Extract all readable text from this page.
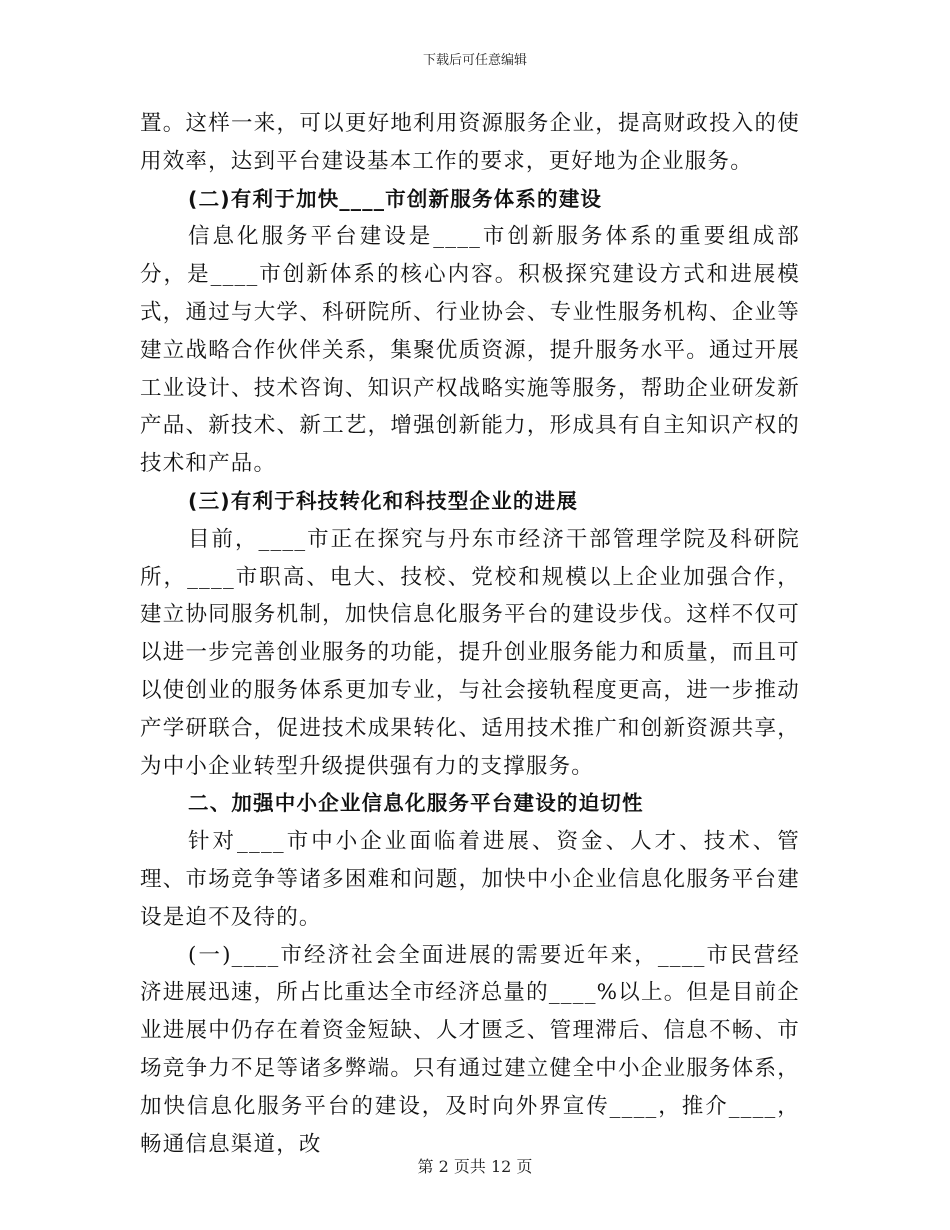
下载后可任意编辑

置。这样一来，可以更好地利用资源服务企业，提高财政投入的使用效率，达到平台建设基本工作的要求，更好地为企业服务。

(二)有利于加快____市创新服务体系的建设

信息化服务平台建设是____市创新服务体系的重要组成部分，是____市创新体系的核心内容。积极探究建设方式和进展模式，通过与大学、科研院所、行业协会、专业性服务机构、企业等建立战略合作伙伴关系，集聚优质资源，提升服务水平。通过开展工业设计、技术咨询、知识产权战略实施等服务，帮助企业研发新产品、新技术、新工艺，增强创新能力，形成具有自主知识产权的技术和产品。

(三)有利于科技转化和科技型企业的进展

目前，____市正在探究与丹东市经济干部管理学院及科研院所，____市职高、电大、技校、党校和规模以上企业加强合作，建立协同服务机制，加快信息化服务平台的建设步伐。这样不仅可以进一步完善创业服务的功能，提升创业服务能力和质量，而且可以使创业的服务体系更加专业，与社会接轨程度更高，进一步推动产学研联合，促进技术成果转化、适用技术推广和创新资源共享，为中小企业转型升级提供强有力的支撑服务。

二、加强中小企业信息化服务平台建设的迫切性

针对____市中小企业面临着进展、资金、人才、技术、管理、市场竞争等诸多困难和问题，加快中小企业信息化服务平台建设是迫不及待的。

(一)____市经济社会全面进展的需要近年来，____市民营经济进展迅速，所占比重达全市经济总量的____%以上。但是目前企业进展中仍存在着资金短缺、人才匮乏、管理滞后、信息不畅、市场竞争力不足等诸多弊端。只有通过建立健全中小企业服务体系，加快信息化服务平台的建设，及时向外界宣传____，推介____，畅通信息渠道，改

第 2 页共 12 页
